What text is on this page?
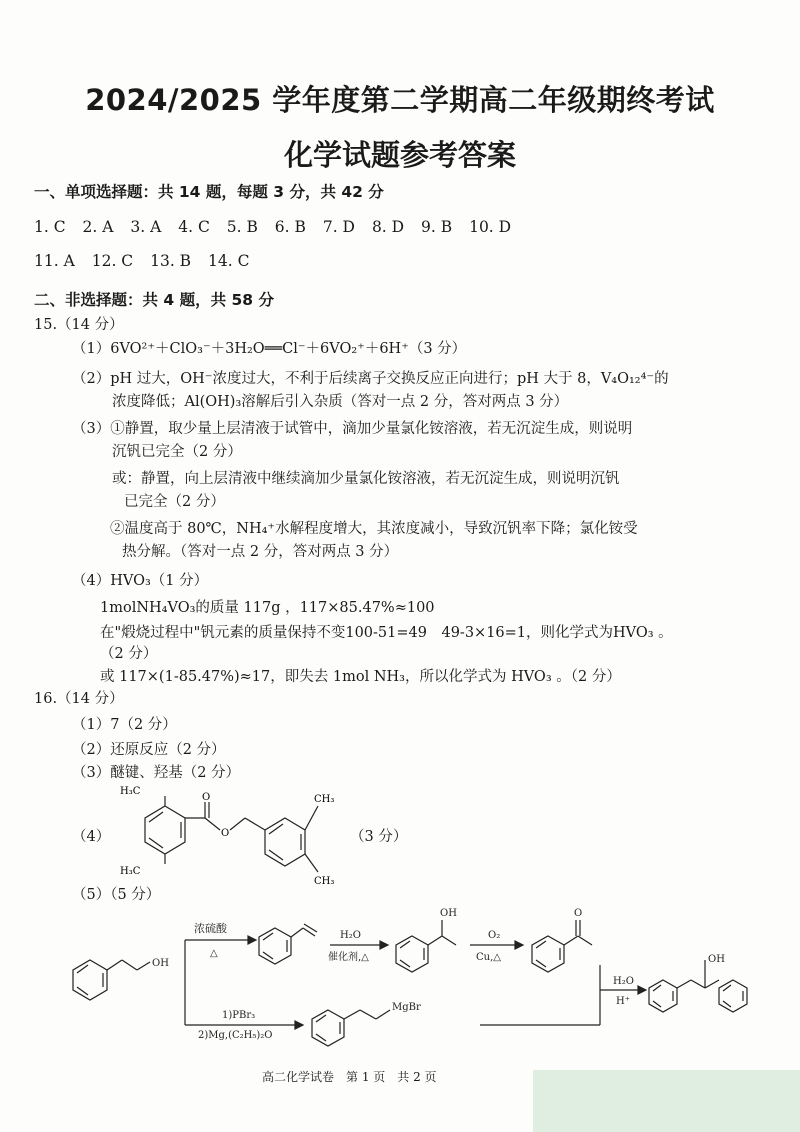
2024/2025 学年度第二学期高二年级期终考试
化学试题参考答案
一、单项选择题：共 14 题，每题 3 分，共 42 分
1. C 2. A 3. A 4. C 5. B 6. B 7. D 8. D 9. B 10. D
11. A 12. C 13. B 14. C
二、非选择题：共 4 题，共 58 分
15.（14 分）
（1）6VO²⁺＋ClO₃⁻＋3H₂O══Cl⁻＋6VO₂⁺＋6H⁺（3 分）
（2）pH 过大，OH⁻浓度过大，不利于后续离子交换反应正向进行；pH 大于 8，V₄O₁₂⁴⁻的
浓度降低；Al(OH)₃溶解后引入杂质（答对一点 2 分，答对两点 3 分）
（3）①静置，取少量上层清液于试管中，滴加少量氯化铵溶液，若无沉淀生成，则说明
沉钒已完全（2 分）
或：静置，向上层清液中继续滴加少量氯化铵溶液，若无沉淀生成，则说明沉钒
已完全（2 分）
②温度高于 80℃，NH₄⁺水解程度增大，其浓度减小，导致沉钒率下降；氯化铵受
热分解。（答对一点 2 分，答对两点 3 分）
（4）HVO₃（1 分）
1molNH₄VO₃的质量 117g ，117×85.47%≈100
在"煅烧过程中"钒元素的质量保持不变100-51=49　49-3×16=1，则化学式为HVO₃ 。
（2 分）
或 117×(1-85.47%)≈17，即失去 1mol NH₃，所以化学式为 HVO₃ 。（2 分）
16.（14 分）
（1）7（2 分）
（2）还原反应（2 分）
（3）醚键、羟基（2 分）
（4）	（3 分）
H₃C
H₃C
CH₃
CH₃
O
O
（5）（5 分）
OH
浓硫酸
△
H₂O
催化剂,△
OH
O₂
Cu,△
O
1)PBr₃
2)Mg,(C₂H₅)₂O
MgBr
H₂O
H⁺
OH
高二化学试卷　第 1 页　共 2 页
